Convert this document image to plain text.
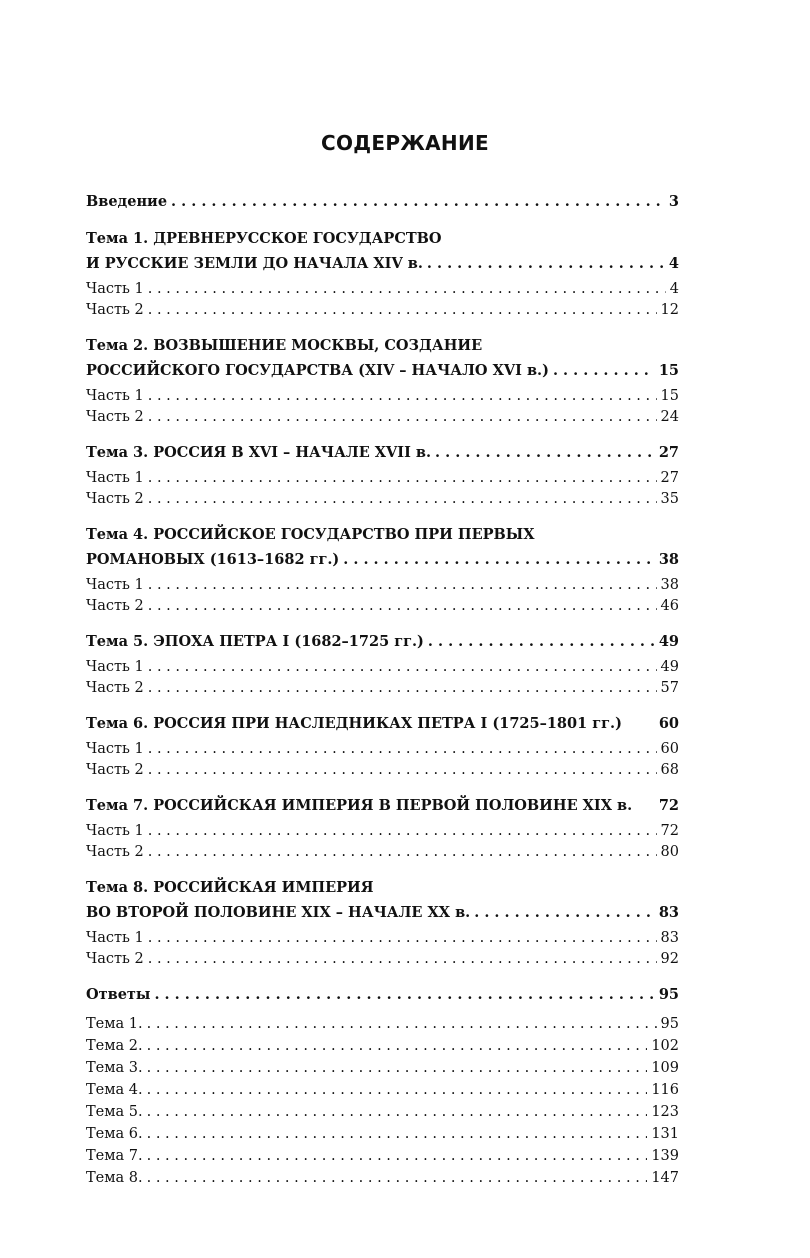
СОДЕРЖАНИЕ
Введение . . .	3
Тема 1. ДРЕВНЕРУССКОЕ ГОСУДАРСТВО
И РУССКИЕ ЗЕМЛИ ДО НАЧАЛА XIV в. . . .	4
Часть 1 . . .	4
Часть 2 . . .	12
Тема 2. ВОЗВЫШЕНИЕ МОСКВЫ, СОЗДАНИЕ
РОССИЙСКОГО ГОСУДАРСТВА (XIV – НАЧАЛО XVI в.) . . .	15
Часть 1 . . .	15
Часть 2 . . .	24
Тема 3. РОССИЯ В XVI – НАЧАЛЕ XVII в. . . .	27
Часть 1 . . .	27
Часть 2 . . .	35
Тема 4. РОССИЙСКОЕ ГОСУДАРСТВО ПРИ ПЕРВЫХ
РОМАНОВЫХ (1613–1682 гг.) . . .	38
Часть 1 . . .	38
Часть 2 . . .	46
Тема 5. ЭПОХА ПЕТРА I (1682–1725 гг.) . . .	49
Часть 1 . . .	49
Часть 2 . . .	57
Тема 6. РОССИЯ ПРИ НАСЛЕДНИКАХ ПЕТРА I (1725–1801 гг.)	60
Часть 1 . . .	60
Часть 2 . . .	68
Тема 7. РОССИЙСКАЯ ИМПЕРИЯ В ПЕРВОЙ ПОЛОВИНЕ XIX в. 72
Часть 1 . . .	72
Часть 2 . . .	80
Тема 8. РОССИЙСКАЯ ИМПЕРИЯ
ВО ВТОРОЙ ПОЛОВИНЕ XIX – НАЧАЛЕ XX в. . . .	83
Часть 1 . . .	83
Часть 2 . . .	92
Ответы . . .	95
Тема 1. . . .	95
Тема 2. . . .	102
Тема 3. . . .	109
Тема 4. . . .	116
Тема 5. . . .	123
Тема 6. . . .	131
Тема 7. . . .	139
Тема 8. . . .	147
